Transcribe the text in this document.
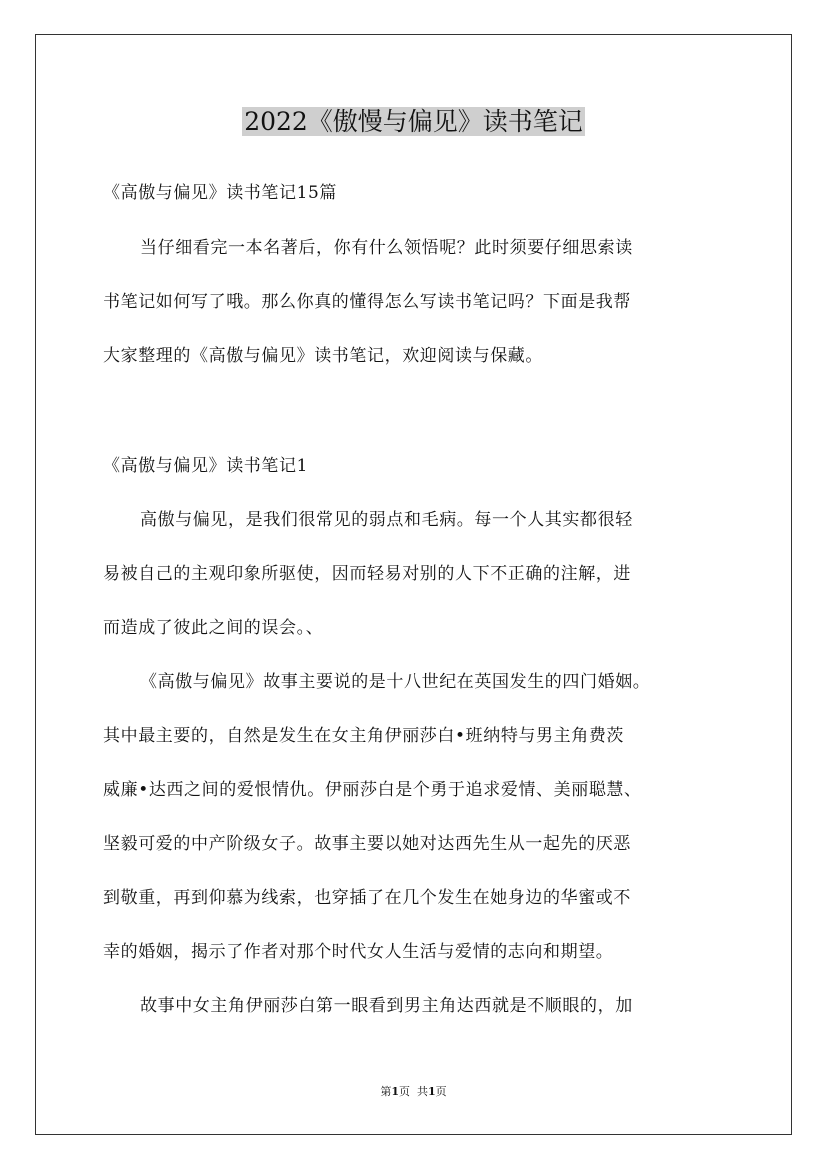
2022《傲慢与偏见》读书笔记
《高傲与偏见》读书笔记15篇
当仔细看完一本名著后，你有什么领悟呢？此时须要仔细思索读
书笔记如何写了哦。那么你真的懂得怎么写读书笔记吗？下面是我帮
大家整理的《高傲与偏见》读书笔记，欢迎阅读与保藏。
《高傲与偏见》读书笔记1
高傲与偏见，是我们很常见的弱点和毛病。每一个人其实都很轻
易被自己的主观印象所驱使，因而轻易对别的人下不正确的注解，进
而造成了彼此之间的误会。、
《高傲与偏见》故事主要说的是十八世纪在英国发生的四门婚姻。
其中最主要的，自然是发生在女主角伊丽莎白•班纳特与男主角费茨
威廉•达西之间的爱恨情仇。伊丽莎白是个勇于追求爱情、美丽聪慧、
坚毅可爱的中产阶级女子。故事主要以她对达西先生从一起先的厌恶
到敬重，再到仰慕为线索，也穿插了在几个发生在她身边的华蜜或不
幸的婚姻，揭示了作者对那个时代女人生活与爱情的志向和期望。
故事中女主角伊丽莎白第一眼看到男主角达西就是不顺眼的，加
第1页 共1页
